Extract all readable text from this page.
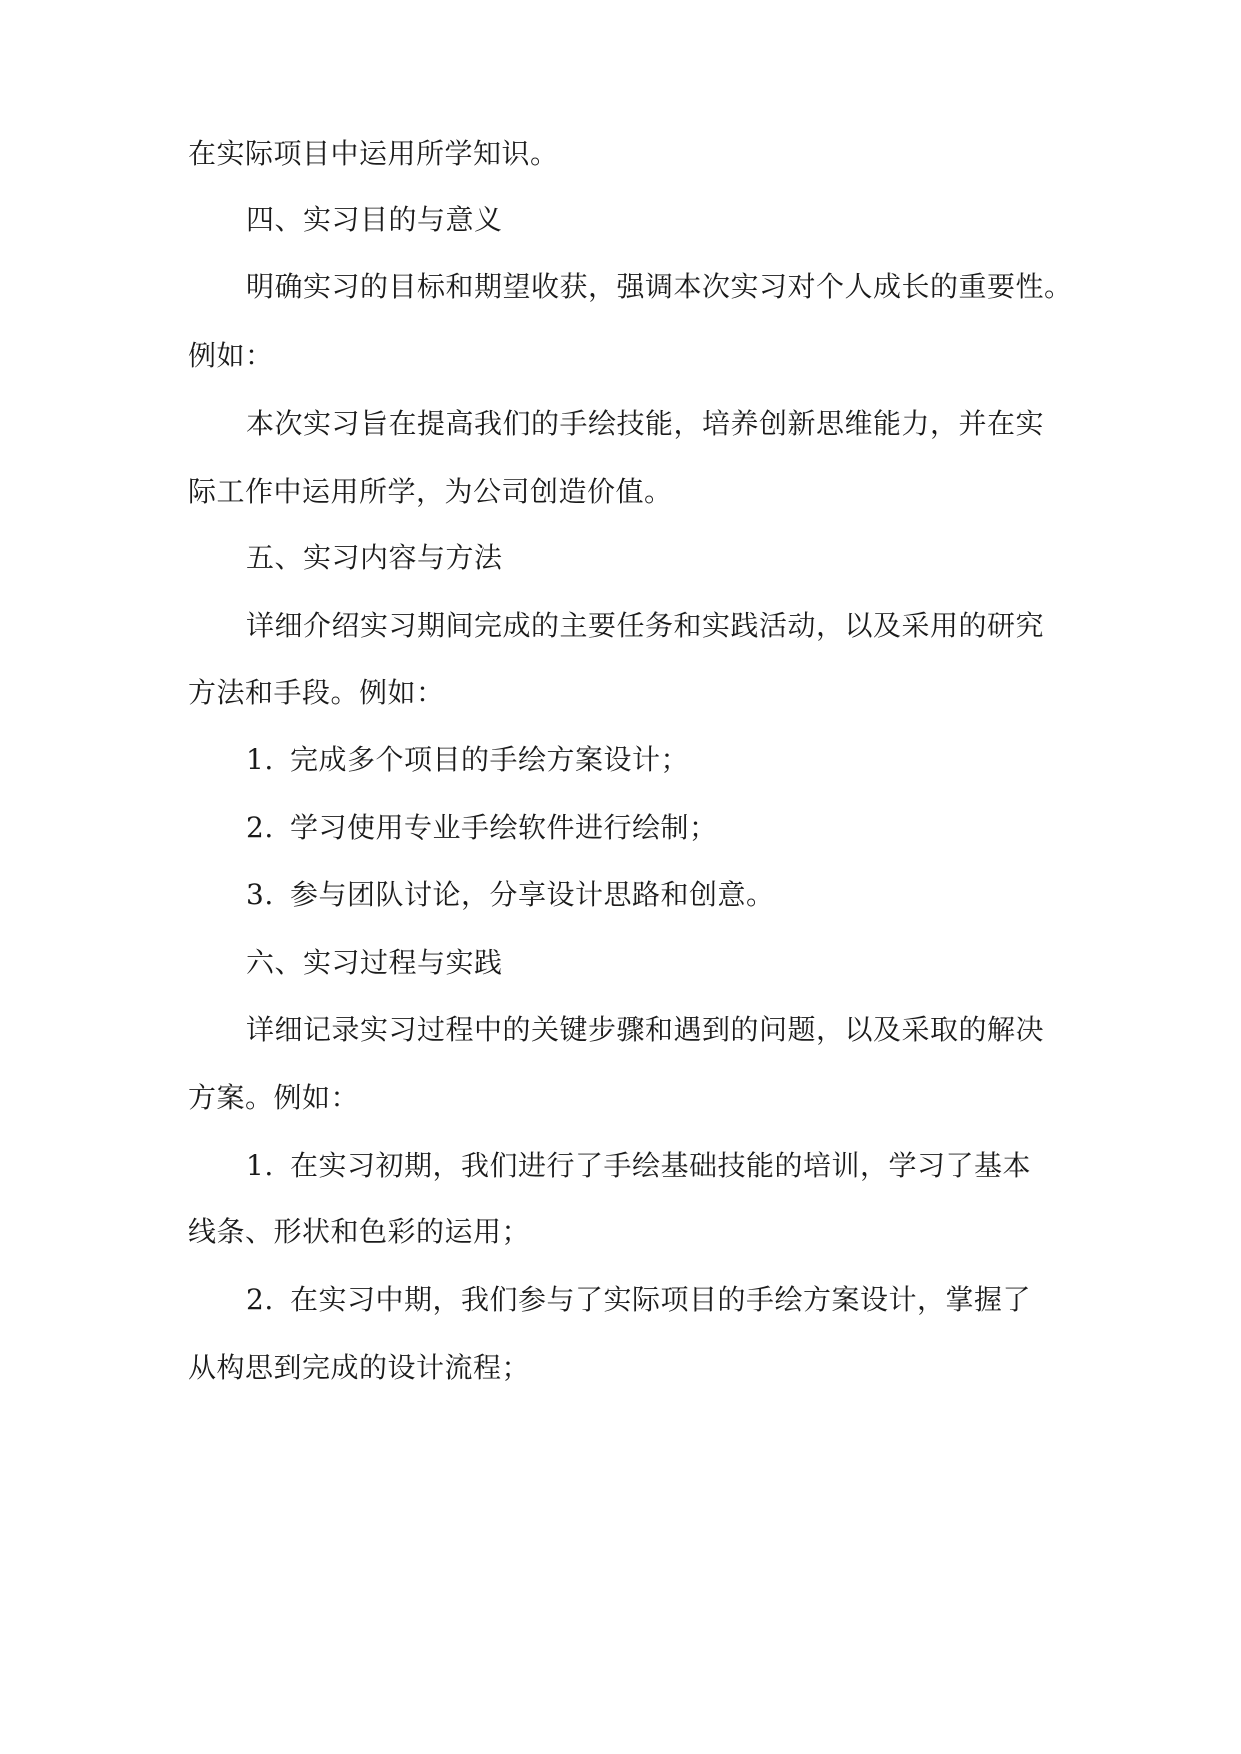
在实际项目中运用所学知识。
四、实习目的与意义
明确实习的目标和期望收获，强调本次实习对个人成长的重要性。
例如：
本次实习旨在提高我们的手绘技能，培养创新思维能力，并在实
际工作中运用所学，为公司创造价值。
五、实习内容与方法
详细介绍实习期间完成的主要任务和实践活动，以及采用的研究
方法和手段。例如：
1. 完成多个项目的手绘方案设计；
2. 学习使用专业手绘软件进行绘制；
3. 参与团队讨论，分享设计思路和创意。
六、实习过程与实践
详细记录实习过程中的关键步骤和遇到的问题，以及采取的解决
方案。例如：
1. 在实习初期，我们进行了手绘基础技能的培训，学习了基本
线条、形状和色彩的运用；
2. 在实习中期，我们参与了实际项目的手绘方案设计，掌握了
从构思到完成的设计流程；
